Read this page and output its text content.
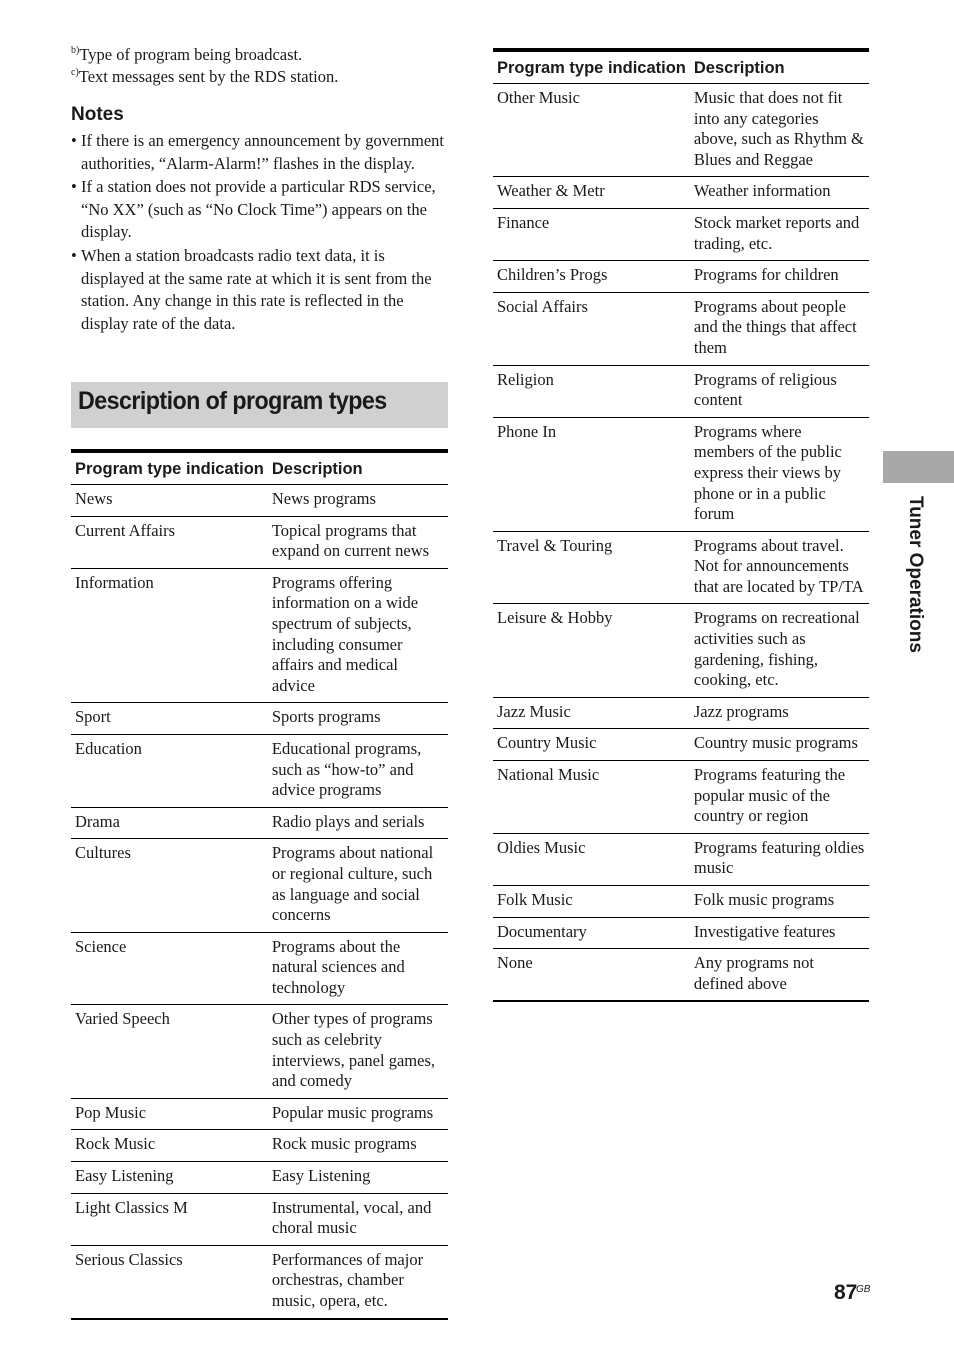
$^{b)}$Type of program being broadcast.
$^{c)}$Text messages sent by the RDS station.
Notes
• If there is an emergency announcement by government authorities, “Alarm-Alarm!” flashes in the display.
• If a station does not provide a particular RDS service, “No XX” (such as “No Clock Time”) appears on the display.
• When a station broadcasts radio text data, it is displayed at the same rate at which it is sent from the station. Any change in this rate is reflected in the display rate of the data.
Description of program types
Program type indication	Description
News	News programs
Current Affairs	Topical programs that expand on current news
Information	Programs offering information on a wide spectrum of subjects, including consumer affairs and medical advice
Sport	Sports programs
Education	Educational programs, such as “how-to” and advice programs
Drama	Radio plays and serials
Cultures	Programs about national or regional culture, such as language and social concerns
Science	Programs about the natural sciences and technology
Varied Speech	Other types of programs such as celebrity interviews, panel games, and comedy
Pop Music	Popular music programs
Rock Music	Rock music programs
Easy Listening	Easy Listening
Light Classics M	Instrumental, vocal, and choral music
Serious Classics	Performances of major orchestras, chamber music, opera, etc.
Program type indication	Description
Other Music	Music that does not fit into any categories above, such as Rhythm & Blues and Reggae
Weather & Metr	Weather information
Finance	Stock market reports and trading, etc.
Children’s Progs	Programs for children
Social Affairs	Programs about people and the things that affect them
Religion	Programs of religious content
Phone In	Programs where members of the public express their views by phone or in a public forum
Travel & Touring	Programs about travel. Not for announcements that are located by TP/TA
Leisure & Hobby	Programs on recreational activities such as gardening, fishing, cooking, etc.
Jazz Music	Jazz programs
Country Music	Country music programs
National Music	Programs featuring the popular music of the country or region
Oldies Music	Programs featuring oldies music
Folk Music	Folk music programs
Documentary	Investigative features
None	Any programs not defined above
Tuner Operations
87
GB
